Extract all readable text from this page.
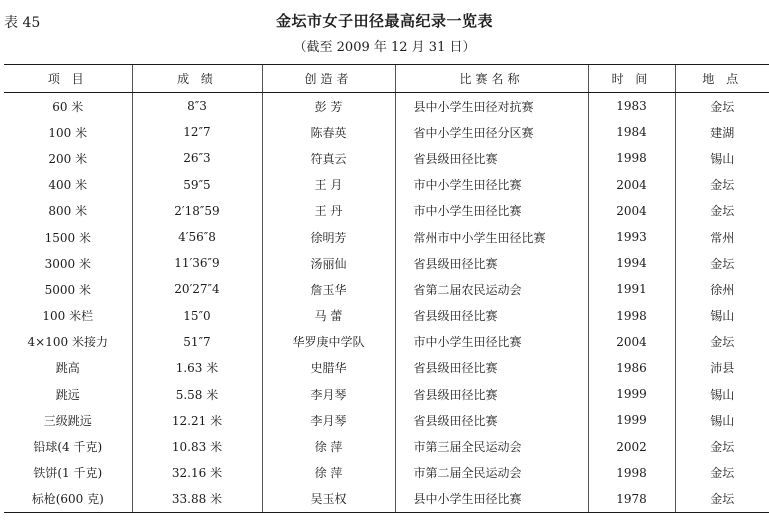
表 45	金坛市女子田径最高纪录一览表
（截至 2009 年 12 月 31 日）
项 目	成 绩	创造者	比赛名称	时 间	地 点
60 米	8″3	彭 芳	县中小学生田径对抗赛	1983	金坛
100 米	12″7	陈春英	省中小学生田径分区赛	1984	建湖
200 米	26″3	符真云	省县级田径比赛	1998	锡山
400 米	59″5	王 月	市中小学生田径比赛	2004	金坛
800 米	2′18″59	王 丹	市中小学生田径比赛	2004	金坛
1500 米	4′56″8	徐明芳	常州市中小学生田径比赛	1993	常州
3000 米	11′36″9	汤丽仙	省县级田径比赛	1994	金坛
5000 米	20′27″4	詹玉华	省第二届农民运动会	1991	徐州
100 米栏	15″0	马 蕾	省县级田径比赛	1998	锡山
4×100 米接力	51″7	华罗庚中学队	市中小学生田径比赛	2004	金坛
跳高	1.63 米	史腊华	省县级田径比赛	1986	沛县
跳远	5.58 米	李月琴	省县级田径比赛	1999	锡山
三级跳远	12.21 米	李月琴	省县级田径比赛	1999	锡山
铅球(4 千克)	10.83 米	徐 萍	市第三届全民运动会	2002	金坛
铁饼(1 千克)	32.16 米	徐 萍	市第二届全民运动会	1998	金坛
标枪(600 克)	33.88 米	吴玉权	县中小学生田径比赛	1978	金坛
